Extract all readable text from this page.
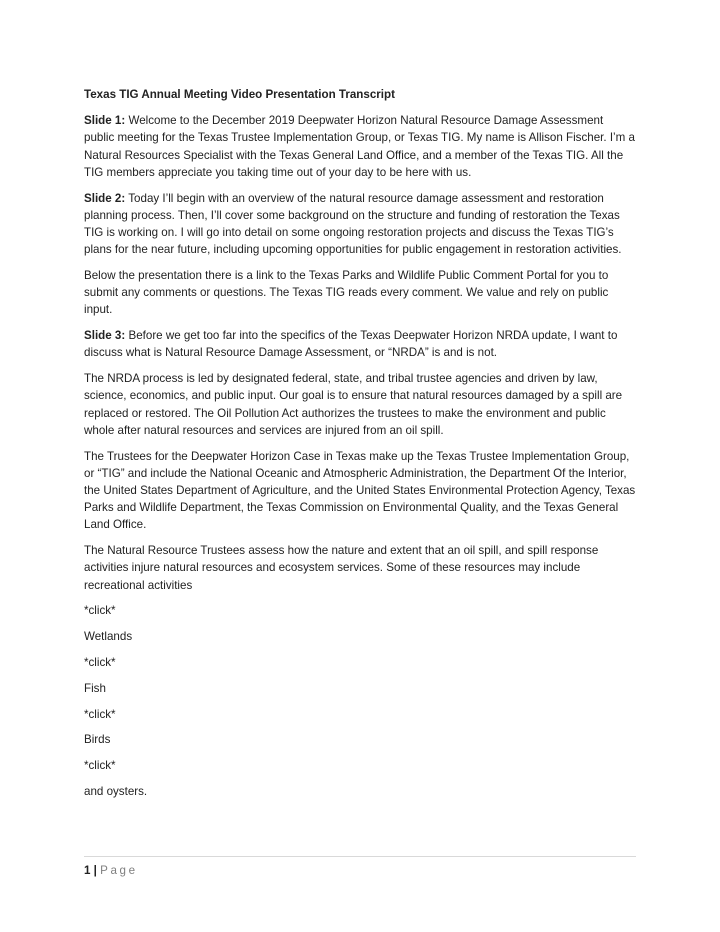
Texas TIG Annual Meeting Video Presentation Transcript

Slide 1: Welcome to the December 2019 Deepwater Horizon Natural Resource Damage Assessment public meeting for the Texas Trustee Implementation Group, or Texas TIG. My name is Allison Fischer. I’m a Natural Resources Specialist with the Texas General Land Office, and a member of the Texas TIG. All the TIG members appreciate you taking time out of your day to be here with us.

Slide 2: Today I’ll begin with an overview of the natural resource damage assessment and restoration planning process. Then, I’ll cover some background on the structure and funding of restoration the Texas TIG is working on. I will go into detail on some ongoing restoration projects and discuss the Texas TIG’s plans for the near future, including upcoming opportunities for public engagement in restoration activities.

Below the presentation there is a link to the Texas Parks and Wildlife Public Comment Portal for you to submit any comments or questions. The Texas TIG reads every comment. We value and rely on public input.

Slide 3: Before we get too far into the specifics of the Texas Deepwater Horizon NRDA update, I want to discuss what is Natural Resource Damage Assessment, or “NRDA” is and is not.

The NRDA process is led by designated federal, state, and tribal trustee agencies and driven by law, science, economics, and public input. Our goal is to ensure that natural resources damaged by a spill are replaced or restored. The Oil Pollution Act authorizes the trustees to make the environment and public whole after natural resources and services are injured from an oil spill.

The Trustees for the Deepwater Horizon Case in Texas make up the Texas Trustee Implementation Group, or “TIG” and include the National Oceanic and Atmospheric Administration, the Department Of the Interior, the United States Department of Agriculture, and the United States Environmental Protection Agency, Texas Parks and Wildlife Department, the Texas Commission on Environmental Quality, and the Texas General Land Office.

The Natural Resource Trustees assess how the nature and extent that an oil spill, and spill response activities injure natural resources and ecosystem services. Some of these resources may include recreational activities

*click*

Wetlands

*click*

Fish

*click*

Birds

*click*

and oysters.

1 | Page
